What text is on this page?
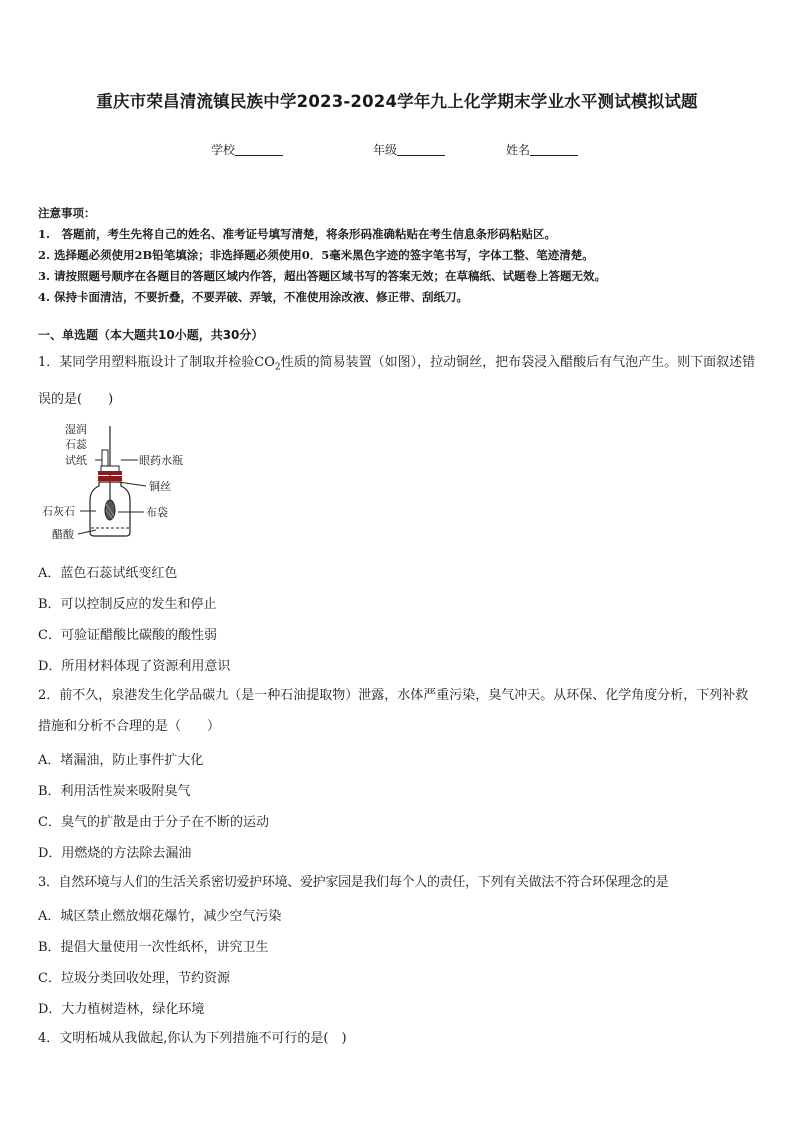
重庆市荣昌清流镇民族中学2023-2024学年九上化学期末学业水平测试模拟试题
学校	年级	姓名
注意事项：
1.　答题前，考生先将自己的姓名、准考证号填写清楚，将条形码准确粘贴在考生信息条形码粘贴区。
2. 选择题必须使用2B铅笔填涂；非选择题必须使用0．5毫米黑色字迹的签字笔书写，字体工整、笔迹清楚。
3. 请按照题号顺序在各题目的答题区域内作答，超出答题区域书写的答案无效；在草稿纸、试题卷上答题无效。
4. 保持卡面清洁，不要折叠，不要弄破、弄皱，不准使用涂改液、修正带、刮纸刀。
一、单选题（本大题共10小题，共30分）
1．某同学用塑料瓶设计了制取并检验$CO_2$性质的简易装置（如图），拉动铜丝，把布袋浸入醋酸后有气泡产生。则下面叙述错误的是(　　)
湿润
石蕊
试纸	眼药水瓶
铜丝
石灰石	布袋
醋酸
A．蓝色石蕊试纸变红色
B．可以控制反应的发生和停止
C．可验证醋酸比碳酸的酸性弱
D．所用材料体现了资源利用意识
2．前不久，泉港发生化学品碳九（是一种石油提取物）泄露，水体严重污染，臭气冲天。从环保、化学角度分析，下列补救措施和分析不合理的是（　　）
A．堵漏油，防止事件扩大化
B．利用活性炭来吸附臭气
C．臭气的扩散是由于分子在不断的运动
D．用燃烧的方法除去漏油
3．自然环境与人们的生活关系密切爱护环境、爱护家园是我们每个人的责任，下列有关做法不符合环保理念的是
A．城区禁止燃放烟花爆竹，减少空气污染
B．提倡大量使用一次性纸杯，讲究卫生
C．垃圾分类回收处理，节约资源
D．大力植树造林，绿化环境
4．文明柘城从我做起,你认为下列措施不可行的是(　)
